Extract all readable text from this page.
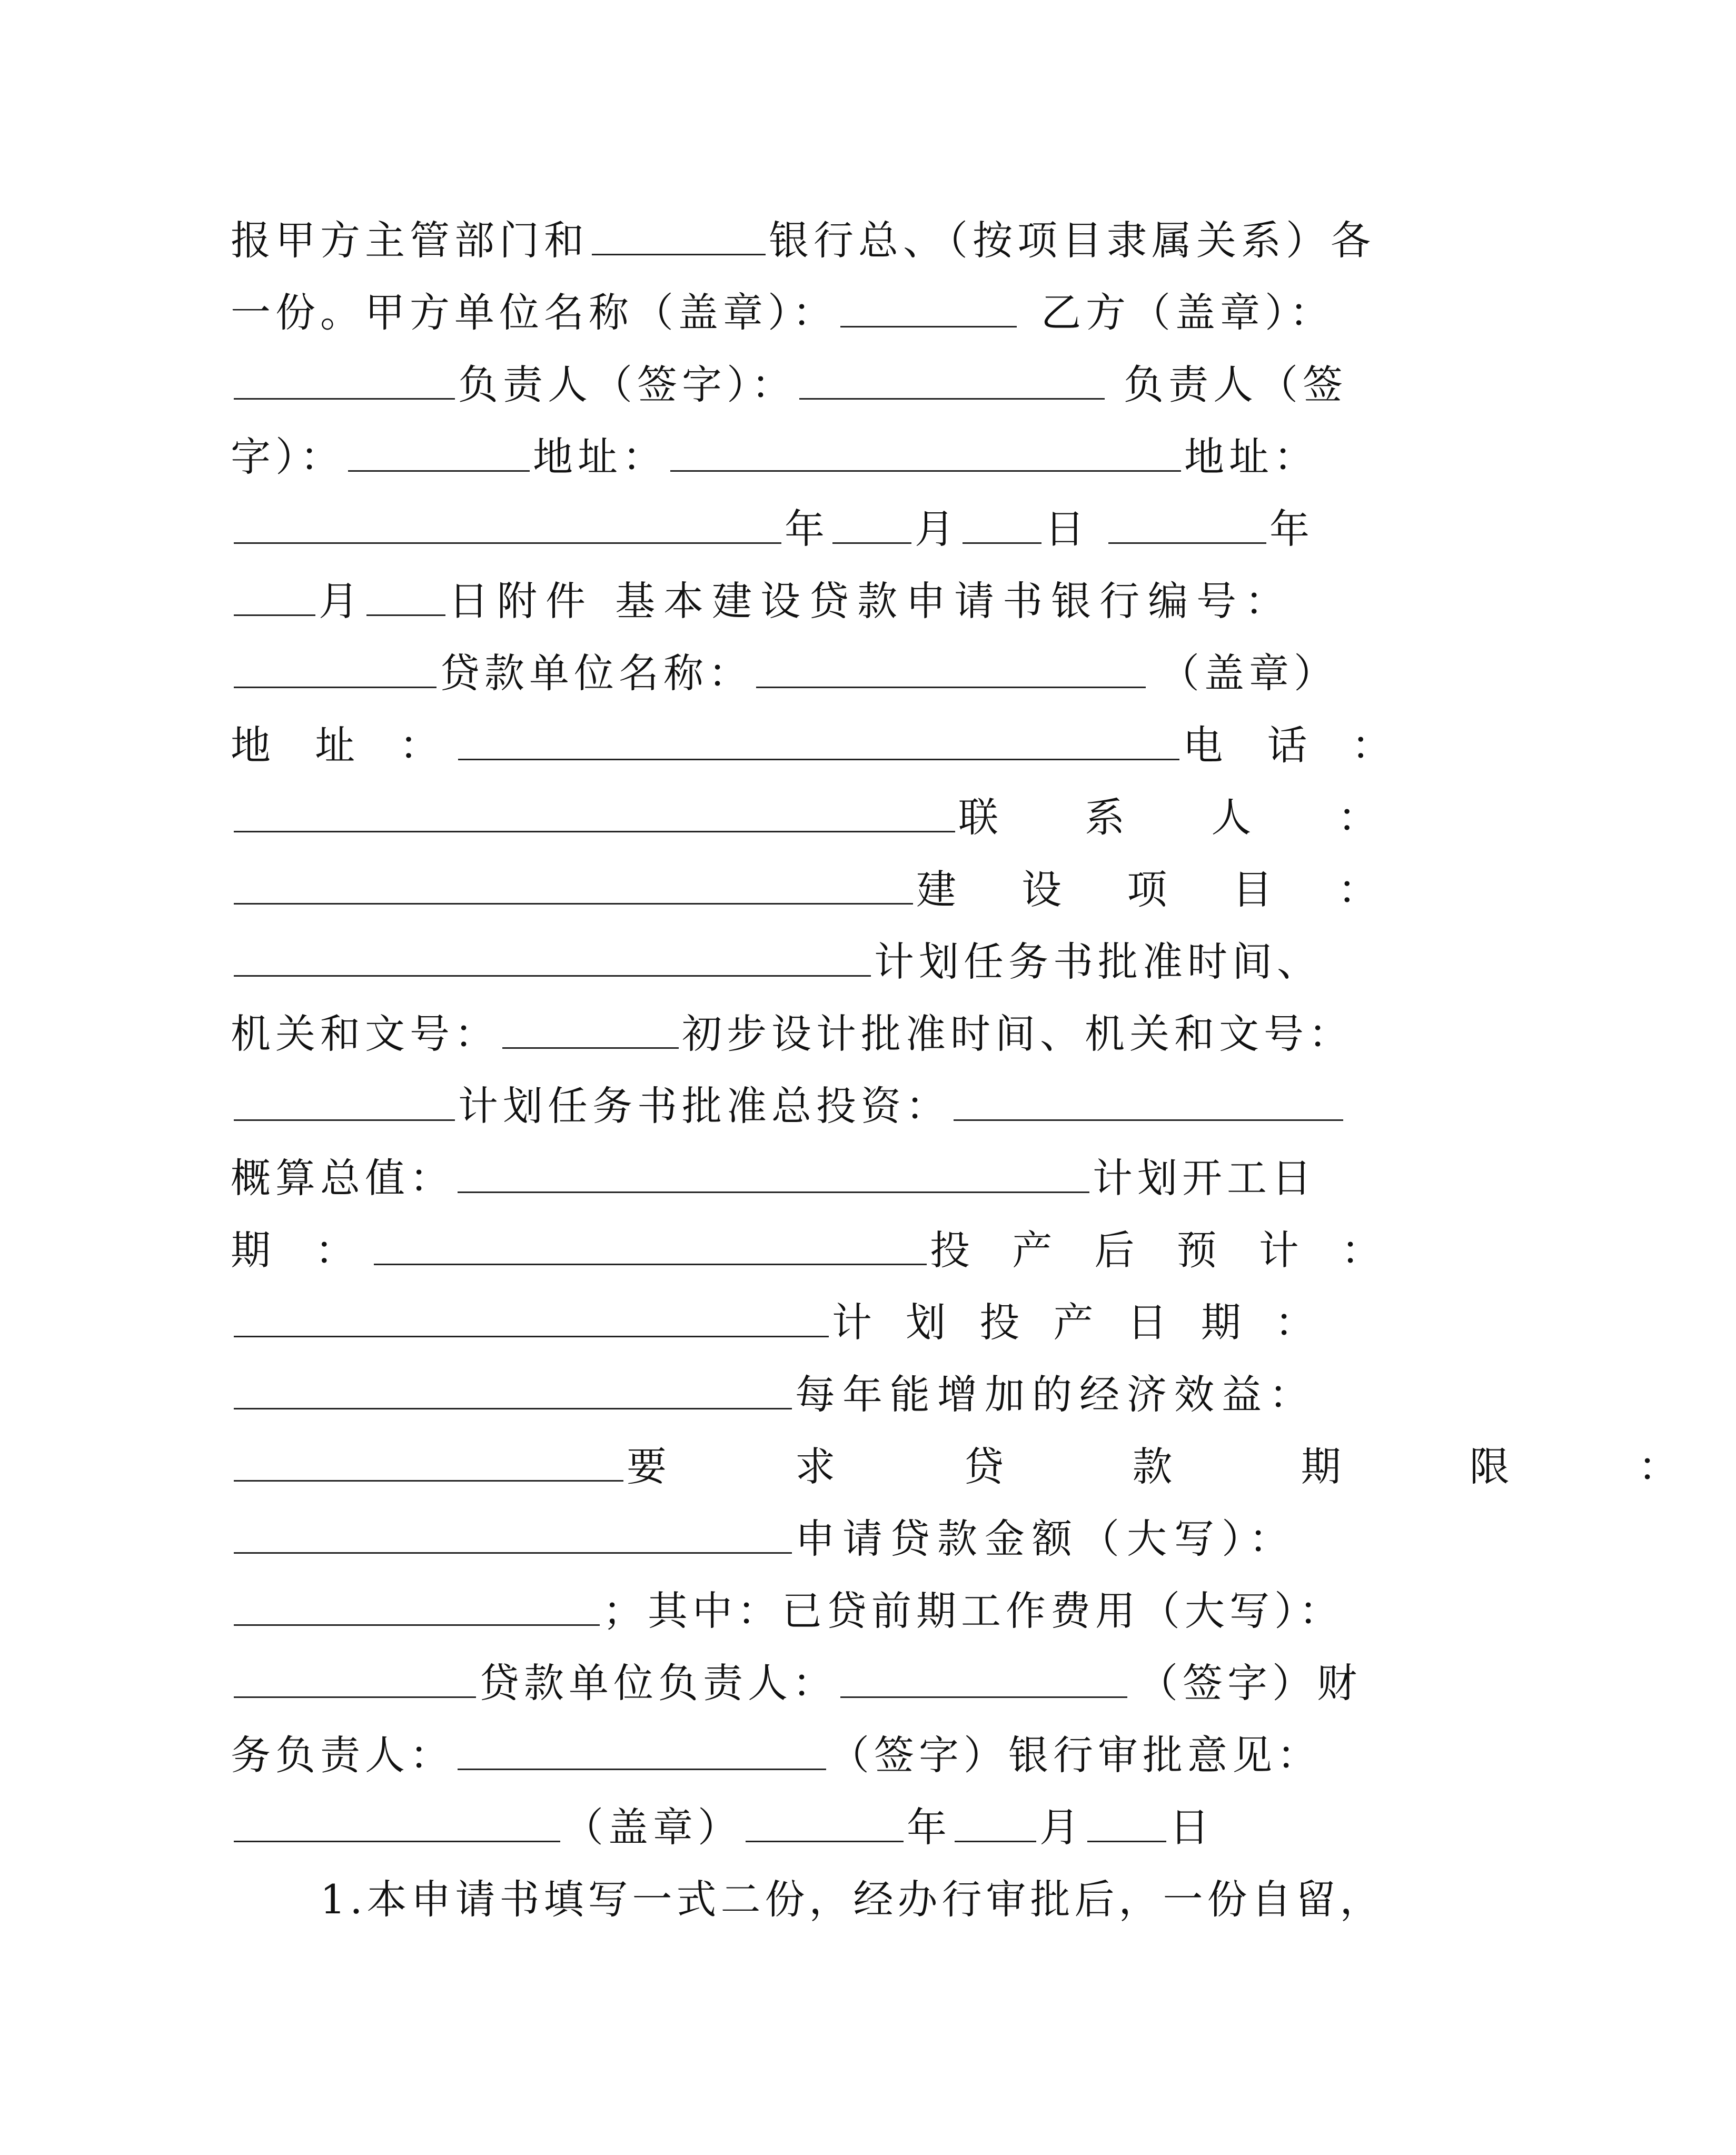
报甲方主管部门和	银行总、（按项目隶属关系）各
一份。甲方单位名称（盖章）：	乙方（盖章）：
负责人（签字）：	负责人（签
字）：	地址：	地址：
年 月 日	年
月 日附件 基本建设贷款申请书银行编号：
贷款单位名称：	（盖章）
地 址 ：	电 话 ：
联 系 人 ：
建 设 项 目 ：
计划任务书批准时间、
机关和文号：	初步设计批准时间、机关和文号：
计划任务书批准总投资：
概算总值：	计划开工日
期 ：	投 产 后 预 计 ：
计 划 投 产 日 期 ：
每年能增加的经济效益：
要 求 贷 款 期 限 ：
申请贷款金额（大写）：
；其中：已贷前期工作费用（大写）：
贷款单位负责人：	（签字）财
务负责人：	（签字）银行审批意见：
（盖章）	年 月 日
1.本申请书填写一式二份，经办行审批后，一份自留，
